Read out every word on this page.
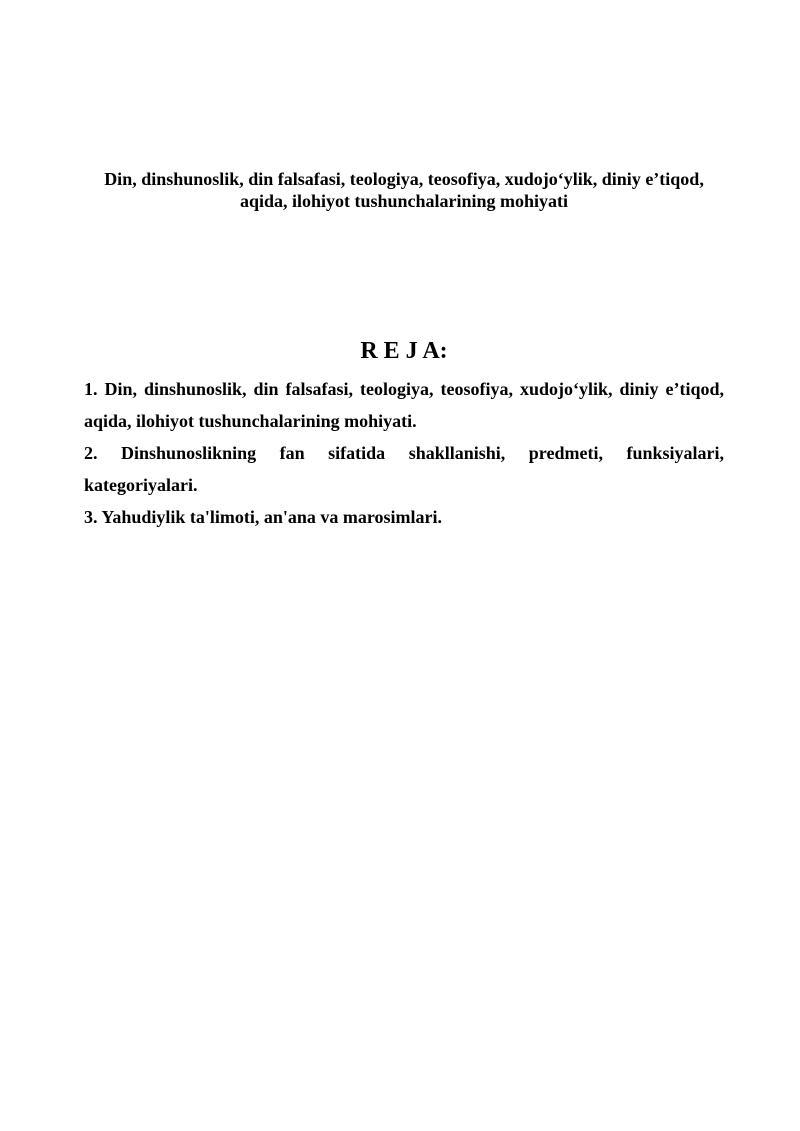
Din, dinshunoslik, din falsafasi, teologiya, teosofiya, xudojo‘ylik, diniy e’tiqod, aqida, ilohiyot tushunchalarining mohiyati
R E J A:
1. Din, dinshunoslik, din falsafasi, teologiya, teosofiya, xudojo‘ylik, diniy e’tiqod, aqida, ilohiyot tushunchalarining mohiyati.
2. Dinshunoslikning fan sifatida shakllanishi, predmeti, funksiyalari, kategoriyalari.
3. Yahudiylik ta'limoti, an'ana va marosimlari.
